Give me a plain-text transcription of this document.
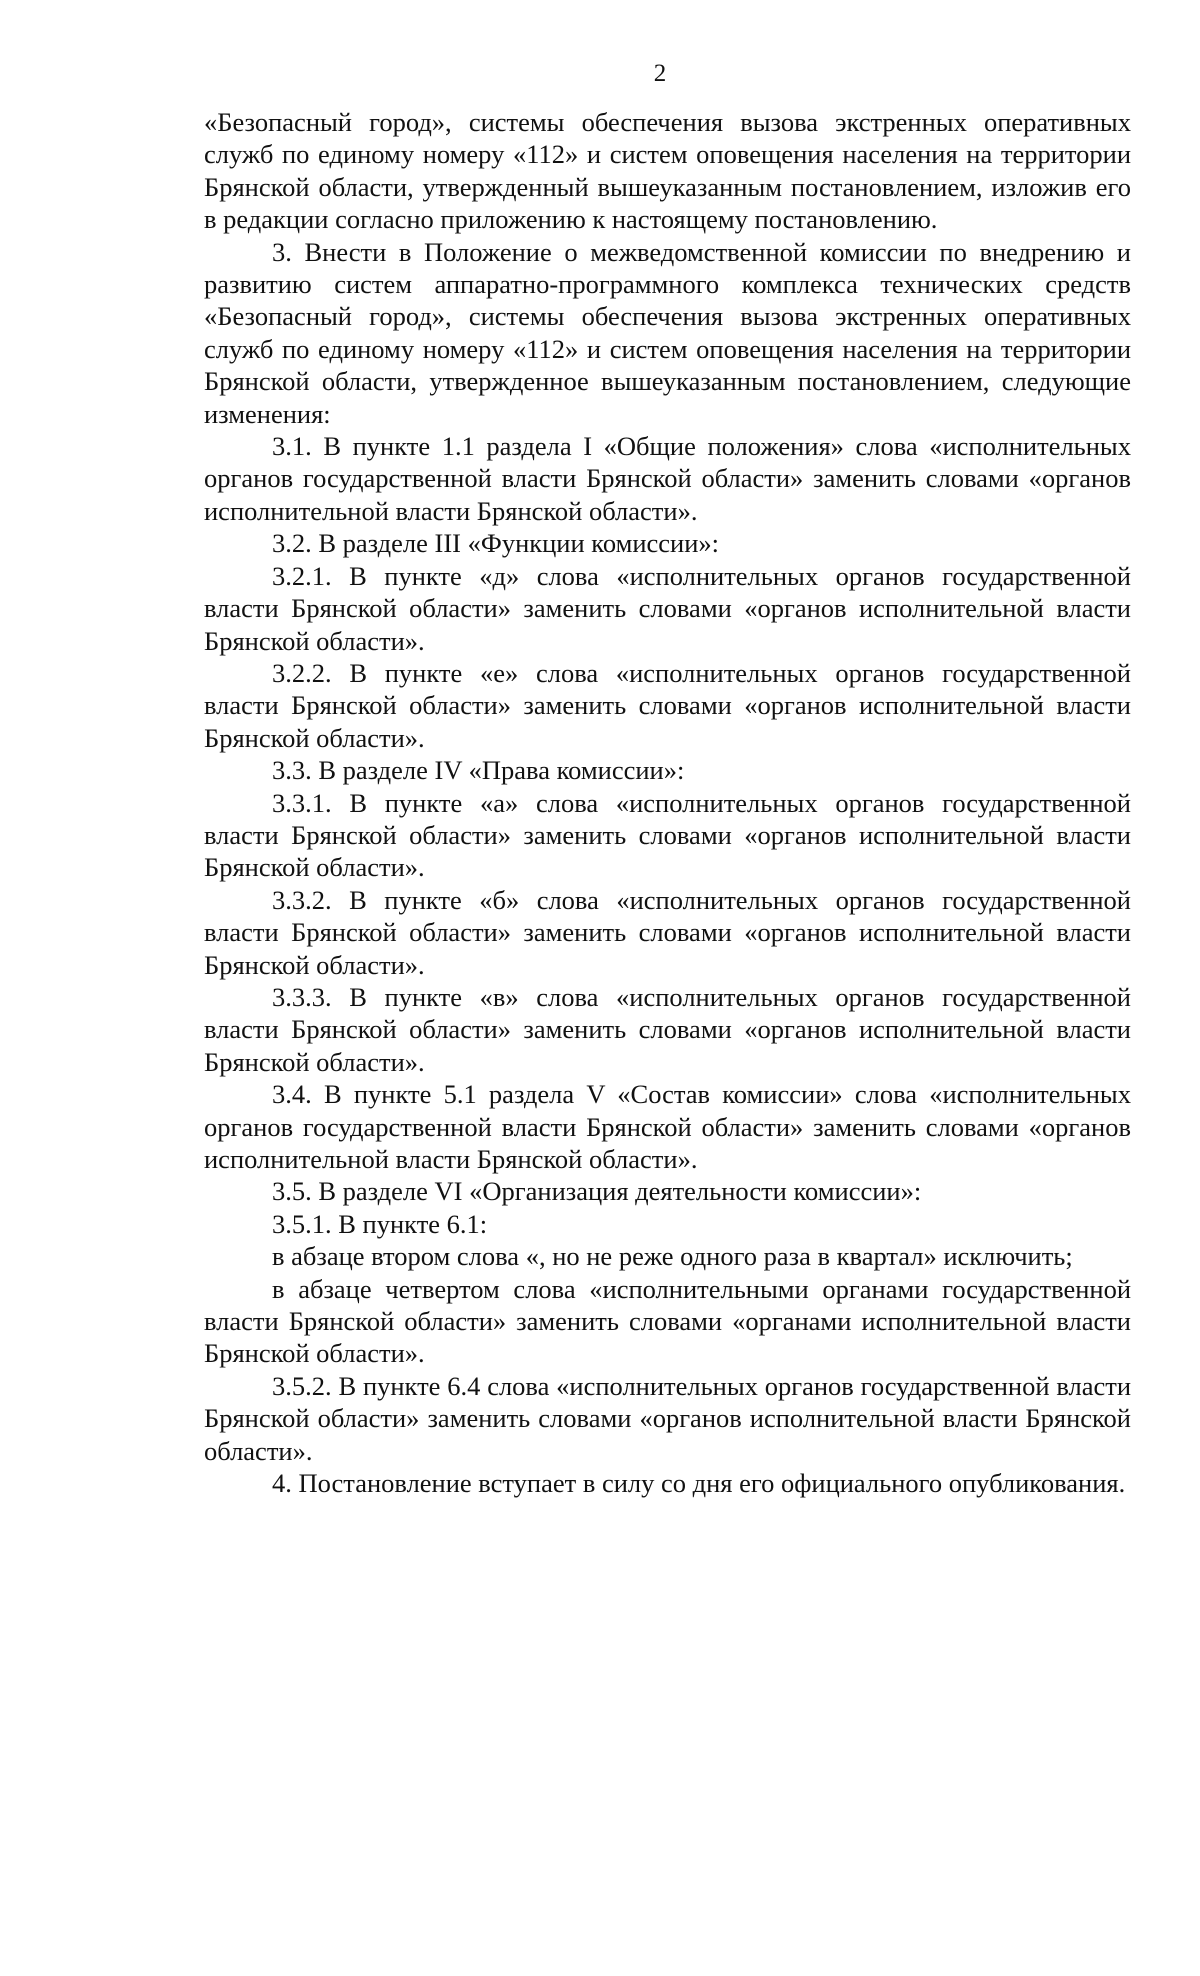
2

«Безопасный город», системы обеспечения вызова экстренных оперативных служб по единому номеру «112» и систем оповещения населения на территории Брянской области, утвержденный вышеуказанным постановлением, изложив его в редакции согласно приложению к настоящему постановлению.

3. Внести в Положение о межведомственной комиссии по внедрению и развитию систем аппаратно-программного комплекса технических средств «Безопасный город», системы обеспечения вызова экстренных оперативных служб по единому номеру «112» и систем оповещения населения на территории Брянской области, утвержденное вышеуказанным постановлением, следующие изменения:

3.1. В пункте 1.1 раздела I «Общие положения» слова «исполнительных органов государственной власти Брянской области» заменить словами «органов исполнительной власти Брянской области».

3.2. В разделе III «Функции комиссии»:

3.2.1. В пункте «д» слова «исполнительных органов государственной власти Брянской области» заменить словами «органов исполнительной власти Брянской области».

3.2.2. В пункте «е» слова «исполнительных органов государственной власти Брянской области» заменить словами «органов исполнительной власти Брянской области».

3.3. В разделе IV «Права комиссии»:

3.3.1. В пункте «а» слова «исполнительных органов государственной власти Брянской области» заменить словами «органов исполнительной власти Брянской области».

3.3.2. В пункте «б» слова «исполнительных органов государственной власти Брянской области» заменить словами «органов исполнительной власти Брянской области».

3.3.3. В пункте «в» слова «исполнительных органов государственной власти Брянской области» заменить словами «органов исполнительной власти Брянской области».

3.4. В пункте 5.1 раздела V «Состав комиссии» слова «исполнительных органов государственной власти Брянской области» заменить словами «органов исполнительной власти Брянской области».

3.5. В разделе VI «Организация деятельности комиссии»:

3.5.1. В пункте 6.1:

в абзаце втором слова «, но не реже одного раза в квартал» исключить;

в абзаце четвертом слова «исполнительными органами государственной власти Брянской области» заменить словами «органами исполнительной власти Брянской области».

3.5.2. В пункте 6.4 слова «исполнительных органов государственной власти Брянской области» заменить словами «органов исполнительной власти Брянской области».

4. Постановление вступает в силу со дня его официального опубликования.
